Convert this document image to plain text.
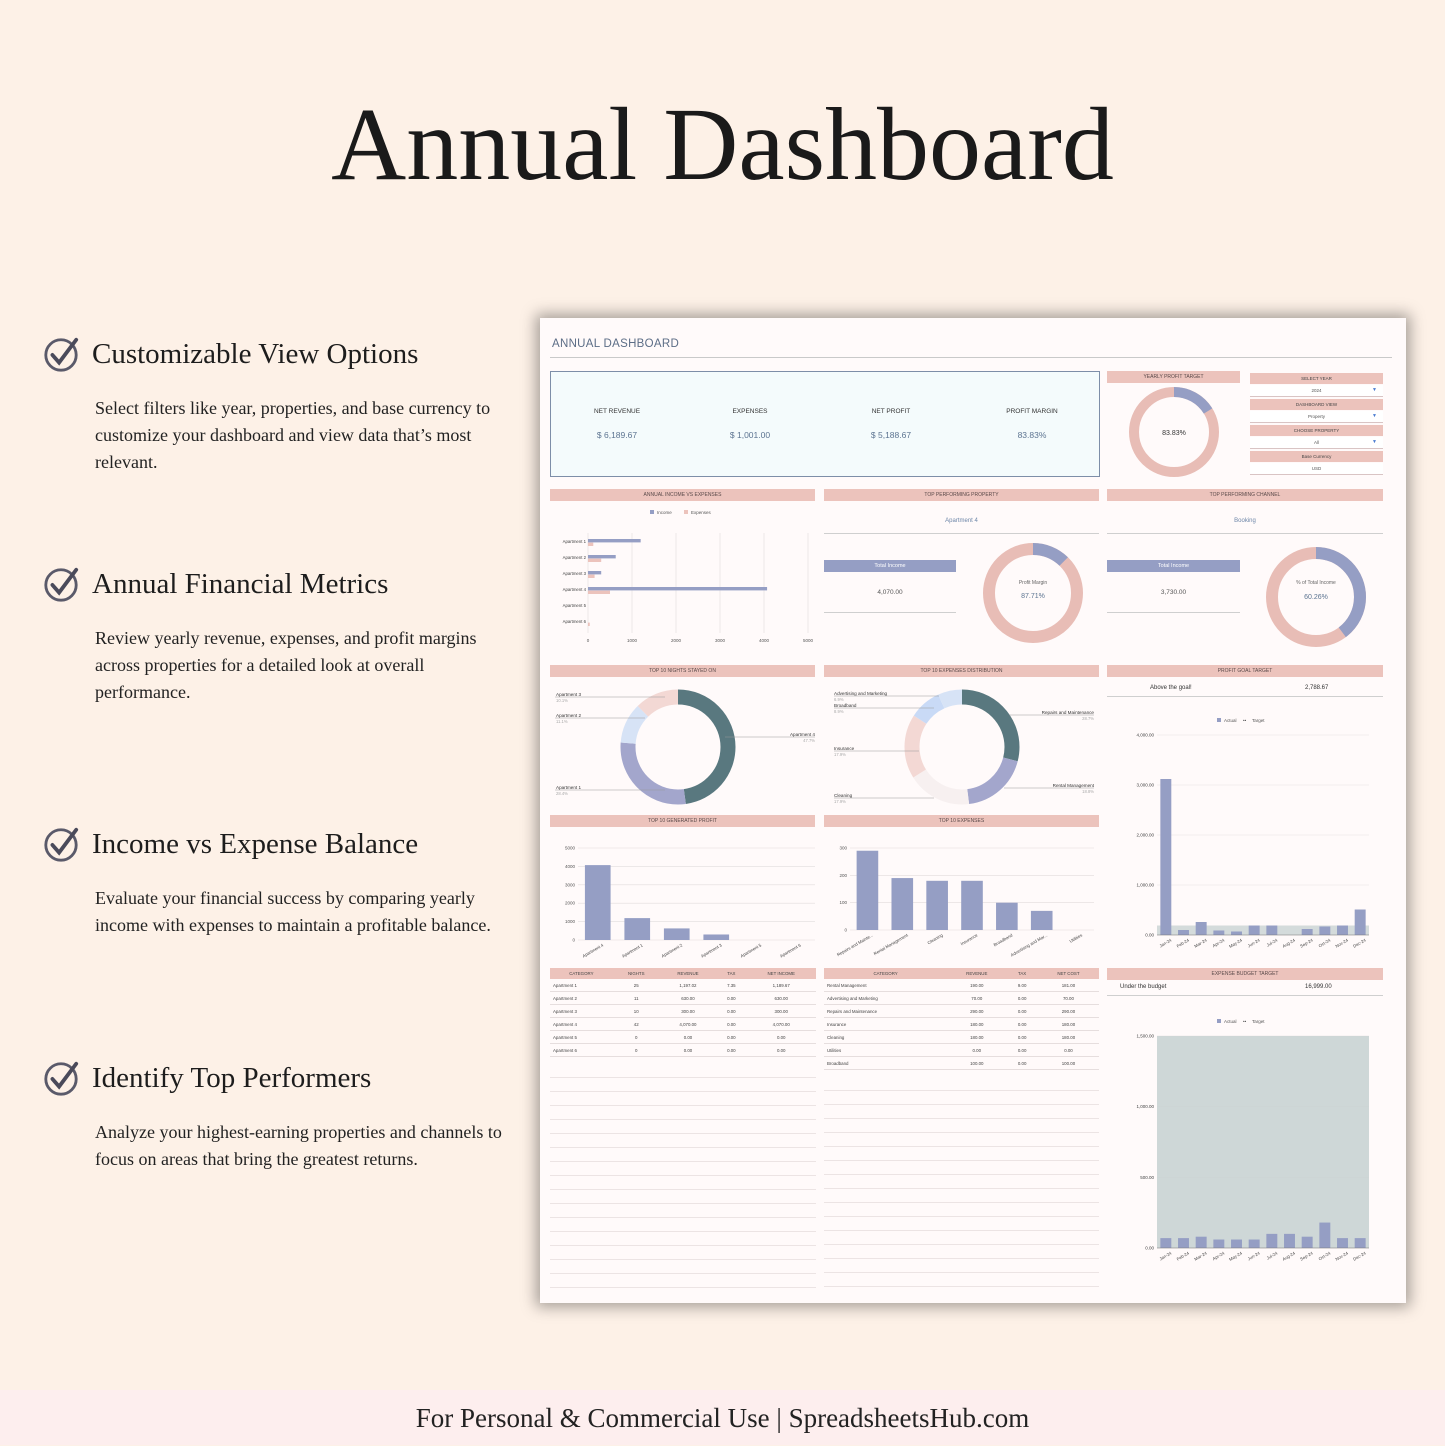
Annual Dashboard
Customizable View Options
Select filters like year, properties, and base currency to customize your dashboard and view data that’s most relevant.
Annual Financial Metrics
Review yearly revenue, expenses, and profit margins across properties for a detailed look at overall performance.
Income vs Expense Balance
Evaluate your financial success by comparing yearly income with expenses to maintain a profitable balance.
Identify Top Performers
Analyze your highest-earning properties and channels to focus on areas that bring the greatest returns.
ANNUAL DASHBOARD
NET REVENUE
$ 6,189.67
EXPENSES
$ 1,001.00
NET PROFIT
$ 5,188.67
PROFIT MARGIN
83.83%
YEARLY PROFIT TARGET
83.83%
SELECT YEAR
2024	▼
DASHBOARD VIEW
Property	▼
CHOOSE PROPERTY
All	▼
Base Currency
USD
ANNUAL INCOME VS EXPENSES	TOP PERFORMING PROPERTY	TOP PERFORMING CHANNEL
Income	Expenses
0	1000	2000	3000	4000	5000
Apartment 1
Apartment 2
Apartment 3
Apartment 4
Apartment 5
Apartment 6
Apartment 4
Total Income
4,070.00
Profit Margin
87.71%
Booking
Total Income
3,730.00
% of Total Income
60.26%
TOP 10 NIGHTS STAYED ON	TOP 10 EXPENSES DISTRIBUTION	PROFIT GOAL TARGET
Apartment 4
47.7%
Apartment 1
28.4%
Apartment 3
10.1%
Apartment 2
11.1%
Repairs and Maintenance
28.7%
Rental Management
18.8%
Cleaning
17.9%
Insurance
17.9%
Broadband
8.9%
Advertising and Marketing
6.9%
Above the goal!	2,788.67
Actual •• Target
0.00
1,000.00
2,000.00
3,000.00
4,000.00
Jan-24 Feb-24 Mar-24 Apr-24 May-24 Jun-24 Jul-24 Aug-24 Sep-24 Oct-24 Nov-24 Dec-24
TOP 10 GENERATED PROFIT	TOP 10 EXPENSES
0
1000
2000
3000
4000
5000
Apartment 4	Apartment 1	Apartment 2	Apartment 3	Apartment 5	Apartment 6
0
100
200
300
Repairs and Mainte...
Rental Management	Cleaning	Insurance	Broadband
Advertising and Mar...	Utilities
CATEGORY	NIGHTS	REVENUE	TAX	NET INCOME
Apartment 1	25	1,197.02	7.35	1,189.67
Apartment 2	11	630.00	0.00	630.00
Apartment 3	10	300.00	0.00	300.00
Apartment 4	42	4,070.00	0.00	4,070.00
Apartment 5	0	0.00	0.00	0.00
Apartment 6	0	0.00	0.00	0.00
CATEGORY	REVENUE	TAX	NET COST
Rental Management	190.00	9.00	181.00
Advertising and Marketing	70.00	0.00	70.00
Repairs and Maintenance	290.00	0.00	290.00
Insurance	180.00	0.00	180.00
Cleaning	180.00	0.00	180.00
Utilities	0.00	0.00	0.00
Broadband	100.00	0.00	100.00
EXPENSE BUDGET TARGET
Under the budget	16,999.00
Actual •• Target
0.00
500.00
1,000.00
1,500.00
Jan-24 Feb-24 Mar-24 Apr-24 May-24 Jun-24 Jul-24 Aug-24 Sep-24 Oct-24 Nov-24 Dec-24
For Personal & Commercial Use | SpreadsheetsHub.com
